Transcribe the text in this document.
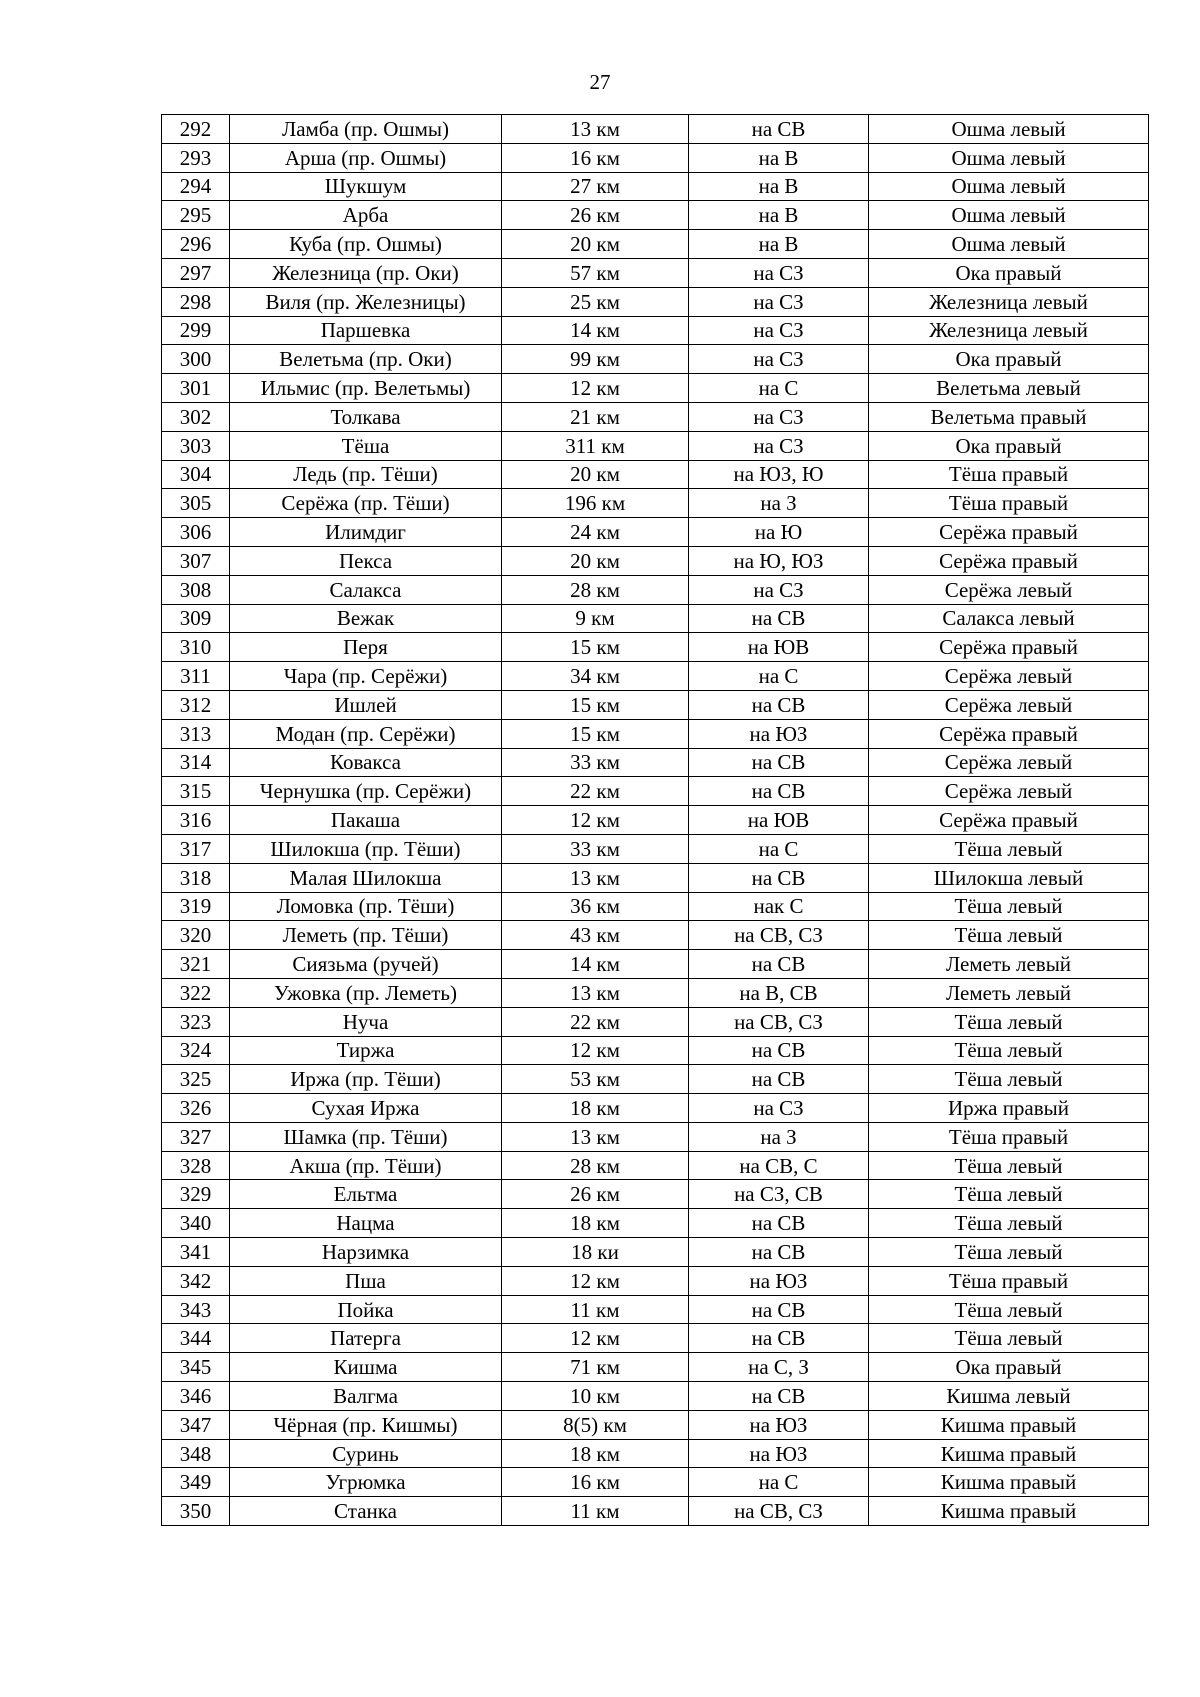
27
292	Ламба (пр. Ошмы)	13 км	на СВ	Ошма левый
293	Арша (пр. Ошмы)	16 км	на В	Ошма левый
294	Шукшум	27 км	на В	Ошма левый
295	Арба	26 км	на В	Ошма левый
296	Куба (пр. Ошмы)	20 км	на В	Ошма левый
297	Железница (пр. Оки)	57 км	на СЗ	Ока правый
298	Виля (пр. Железницы)	25 км	на СЗ	Железница левый
299	Паршевка	14 км	на СЗ	Железница левый
300	Велетьма (пр. Оки)	99 км	на СЗ	Ока правый
301	Ильмис (пр. Велетьмы)	12 км	на С	Велетьма левый
302	Толкава	21 км	на СЗ	Велетьма правый
303	Тёша	311 км	на СЗ	Ока правый
304	Ледь (пр. Тёши)	20 км	на ЮЗ, Ю	Тёша правый
305	Серёжа (пр. Тёши)	196 км	на З	Тёша правый
306	Илимдиг	24 км	на Ю	Серёжа правый
307	Пекса	20 км	на Ю, ЮЗ	Серёжа правый
308	Салакса	28 км	на СЗ	Серёжа левый
309	Вежак	9 км	на СВ	Салакса левый
310	Перя	15 км	на ЮВ	Серёжа правый
311	Чара (пр. Серёжи)	34 км	на С	Серёжа левый
312	Ишлей	15 км	на СВ	Серёжа левый
313	Модан (пр. Серёжи)	15 км	на ЮЗ	Серёжа правый
314	Ковакса	33 км	на СВ	Серёжа левый
315	Чернушка (пр. Серёжи)	22 км	на СВ	Серёжа левый
316	Пакаша	12 км	на ЮВ	Серёжа правый
317	Шилокша (пр. Тёши)	33 км	на С	Тёша левый
318	Малая Шилокша	13 км	на СВ	Шилокша левый
319	Ломовка (пр. Тёши)	36 км	нак С	Тёша левый
320	Леметь (пр. Тёши)	43 км	на СВ, СЗ	Тёша левый
321	Сиязьма (ручей)	14 км	на СВ	Леметь левый
322	Ужовка (пр. Леметь)	13 км	на В, СВ	Леметь левый
323	Нуча	22 км	на СВ, СЗ	Тёша левый
324	Тиржа	12 км	на СВ	Тёша левый
325	Иржа (пр. Тёши)	53 км	на СВ	Тёша левый
326	Сухая Иржа	18 км	на СЗ	Иржа правый
327	Шамка (пр. Тёши)	13 км	на З	Тёша правый
328	Акша (пр. Тёши)	28 км	на СВ, С	Тёша левый
329	Ельтма	26 км	на СЗ, СВ	Тёша левый
340	Нацма	18 км	на СВ	Тёша левый
341	Нарзимка	18 ки	на СВ	Тёша левый
342	Пша	12 км	на ЮЗ	Тёша правый
343	Пойка	11 км	на СВ	Тёша левый
344	Патерга	12 км	на СВ	Тёша левый
345	Кишма	71 км	на С, З	Ока правый
346	Валгма	10 км	на СВ	Кишма левый
347	Чёрная (пр. Кишмы)	8(5) км	на ЮЗ	Кишма правый
348	Суринь	18 км	на ЮЗ	Кишма правый
349	Угрюмка	16 км	на С	Кишма правый
350	Станка	11 км	на СВ, СЗ	Кишма правый
